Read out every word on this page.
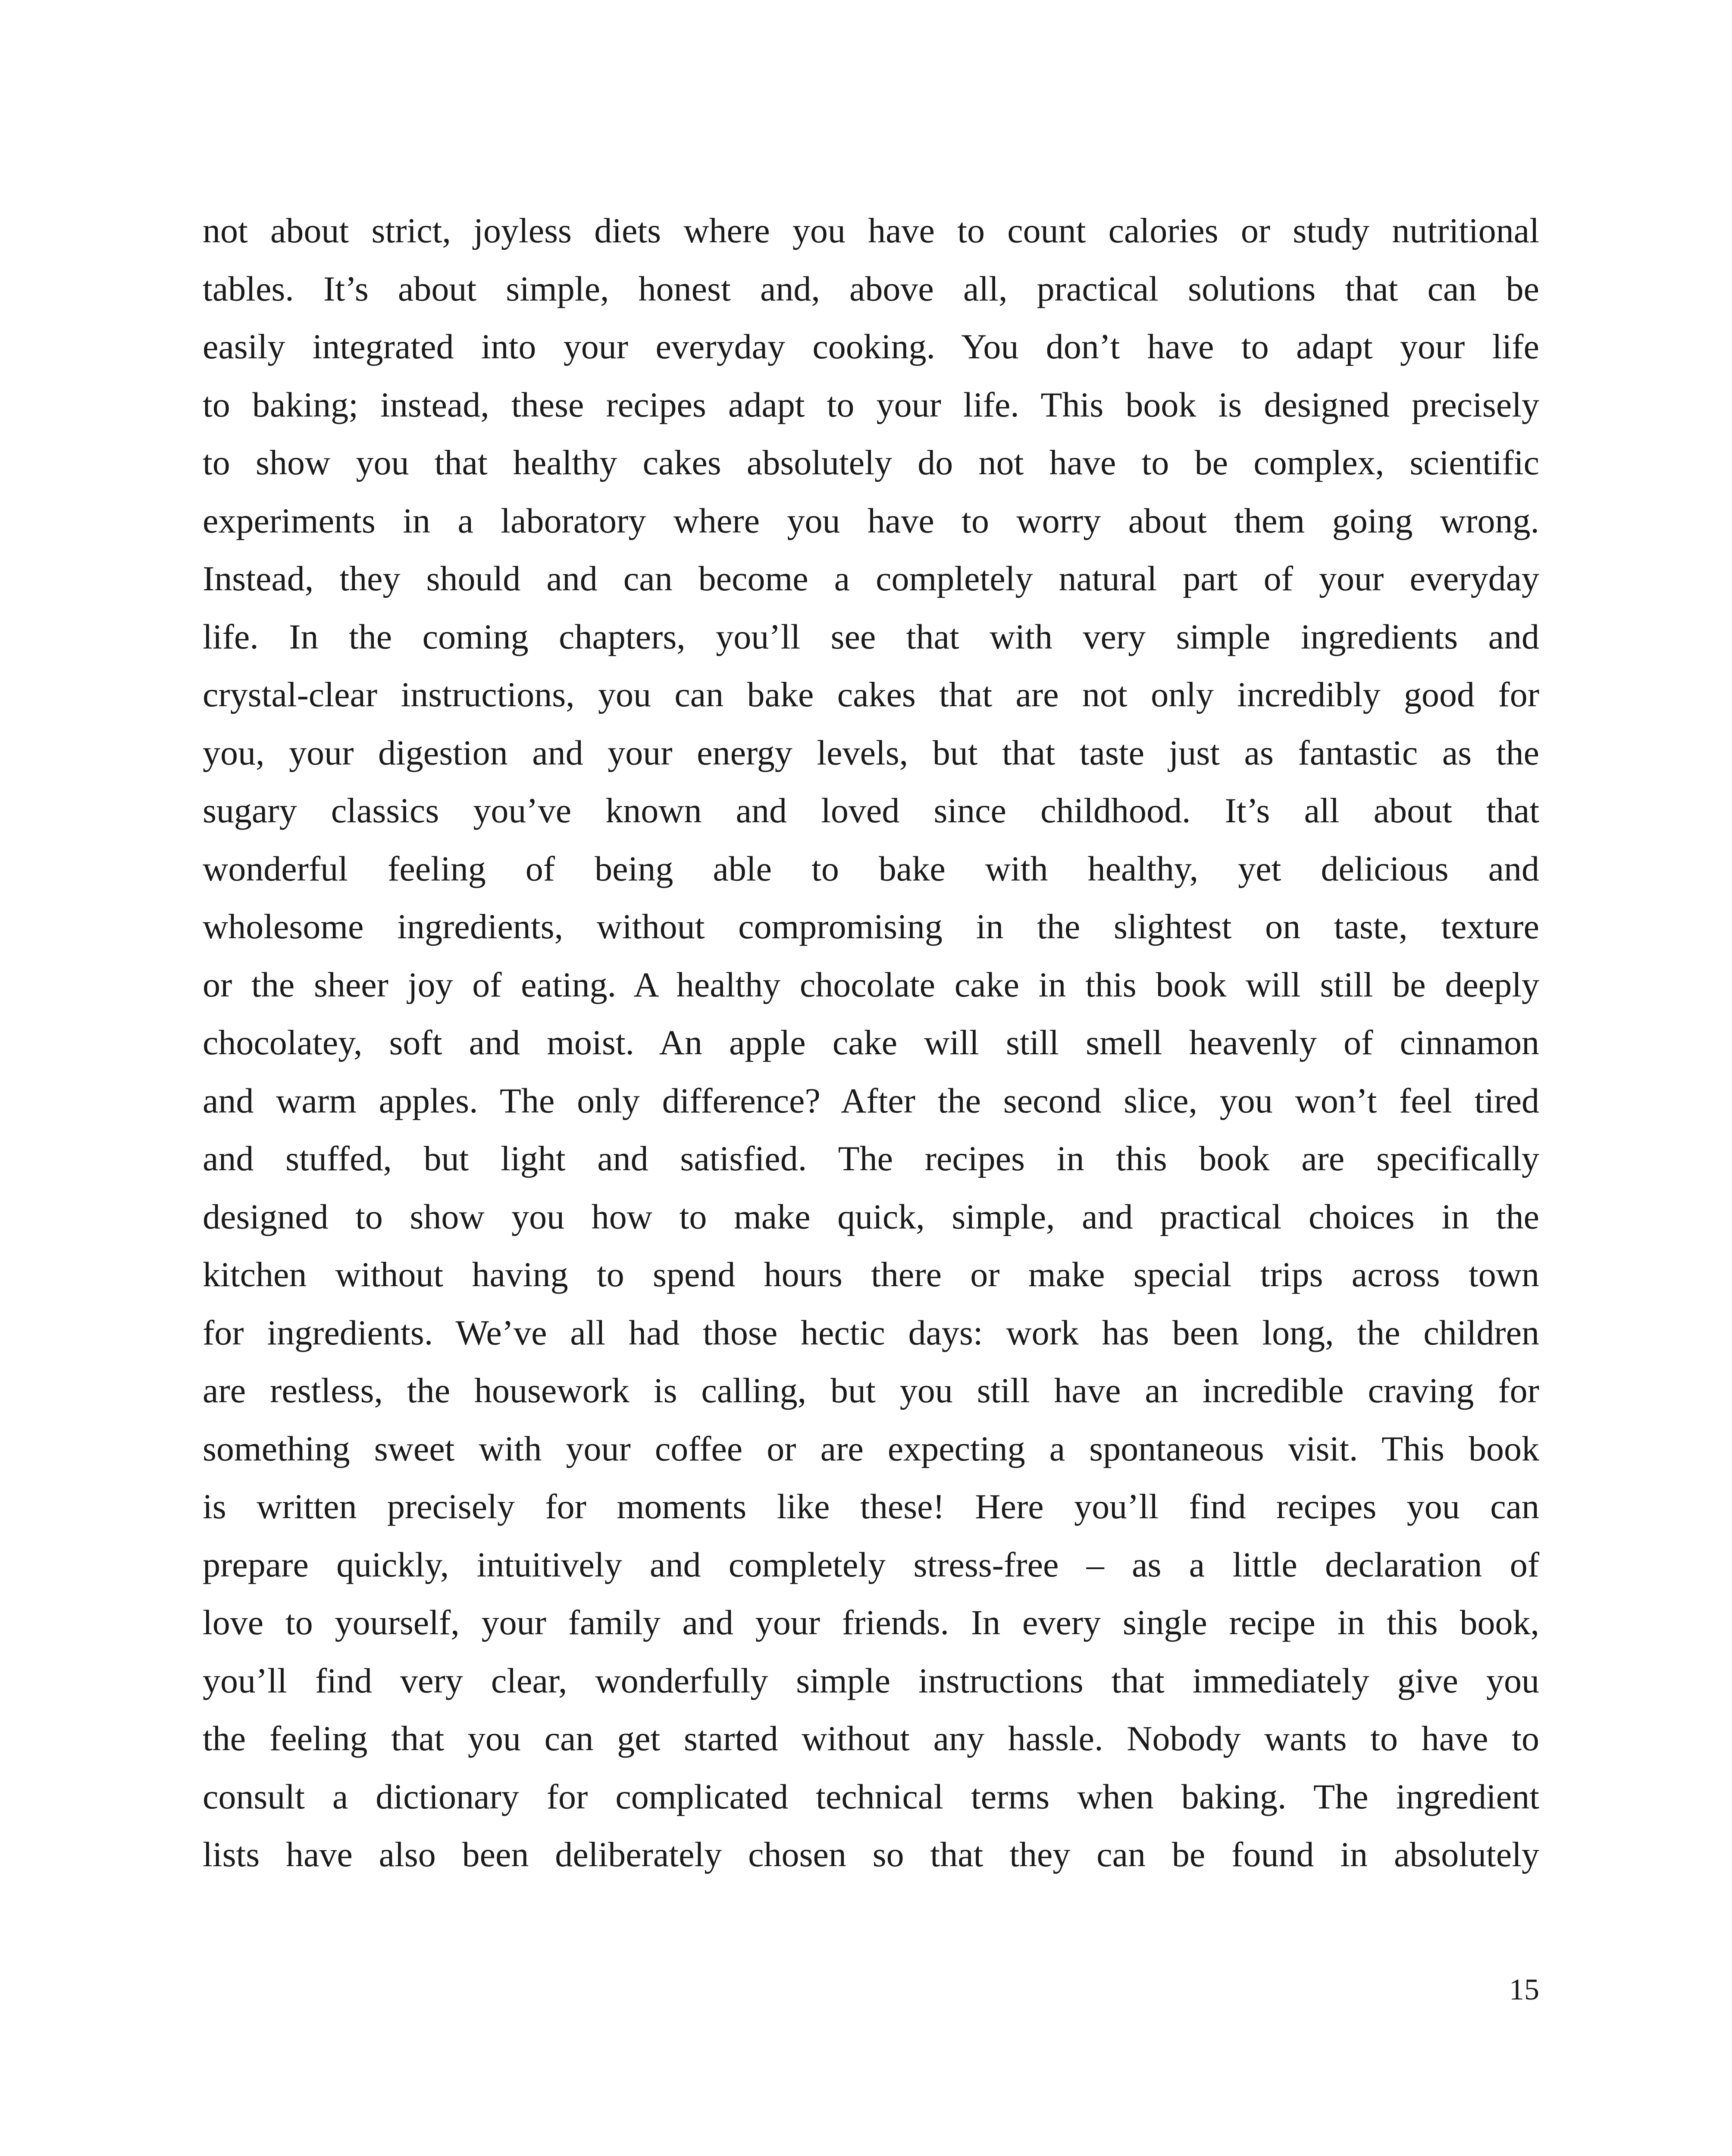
not about strict, joyless diets where you have to count calories or study nutritional
tables. It’s about simple, honest and, above all, practical solutions that can be
easily integrated into your everyday cooking. You don’t have to adapt your life
to baking; instead, these recipes adapt to your life. This book is designed precisely
to show you that healthy cakes absolutely do not have to be complex, scientific
experiments in a laboratory where you have to worry about them going wrong.
Instead, they should and can become a completely natural part of your everyday
life. In the coming chapters, you’ll see that with very simple ingredients and
crystal-clear instructions, you can bake cakes that are not only incredibly good for
you, your digestion and your energy levels, but that taste just as fantastic as the
sugary classics you’ve known and loved since childhood. It’s all about that
wonderful feeling of being able to bake with healthy, yet delicious and
wholesome ingredients, without compromising in the slightest on taste, texture
or the sheer joy of eating. A healthy chocolate cake in this book will still be deeply
chocolatey, soft and moist. An apple cake will still smell heavenly of cinnamon
and warm apples. The only difference? After the second slice, you won’t feel tired
and stuffed, but light and satisfied. The recipes in this book are specifically
designed to show you how to make quick, simple, and practical choices in the
kitchen without having to spend hours there or make special trips across town
for ingredients. We’ve all had those hectic days: work has been long, the children
are restless, the housework is calling, but you still have an incredible craving for
something sweet with your coffee or are expecting a spontaneous visit. This book
is written precisely for moments like these! Here you’ll find recipes you can
prepare quickly, intuitively and completely stress-free – as a little declaration of
love to yourself, your family and your friends. In every single recipe in this book,
you’ll find very clear, wonderfully simple instructions that immediately give you
the feeling that you can get started without any hassle. Nobody wants to have to
consult a dictionary for complicated technical terms when baking. The ingredient
lists have also been deliberately chosen so that they can be found in absolutely
15
